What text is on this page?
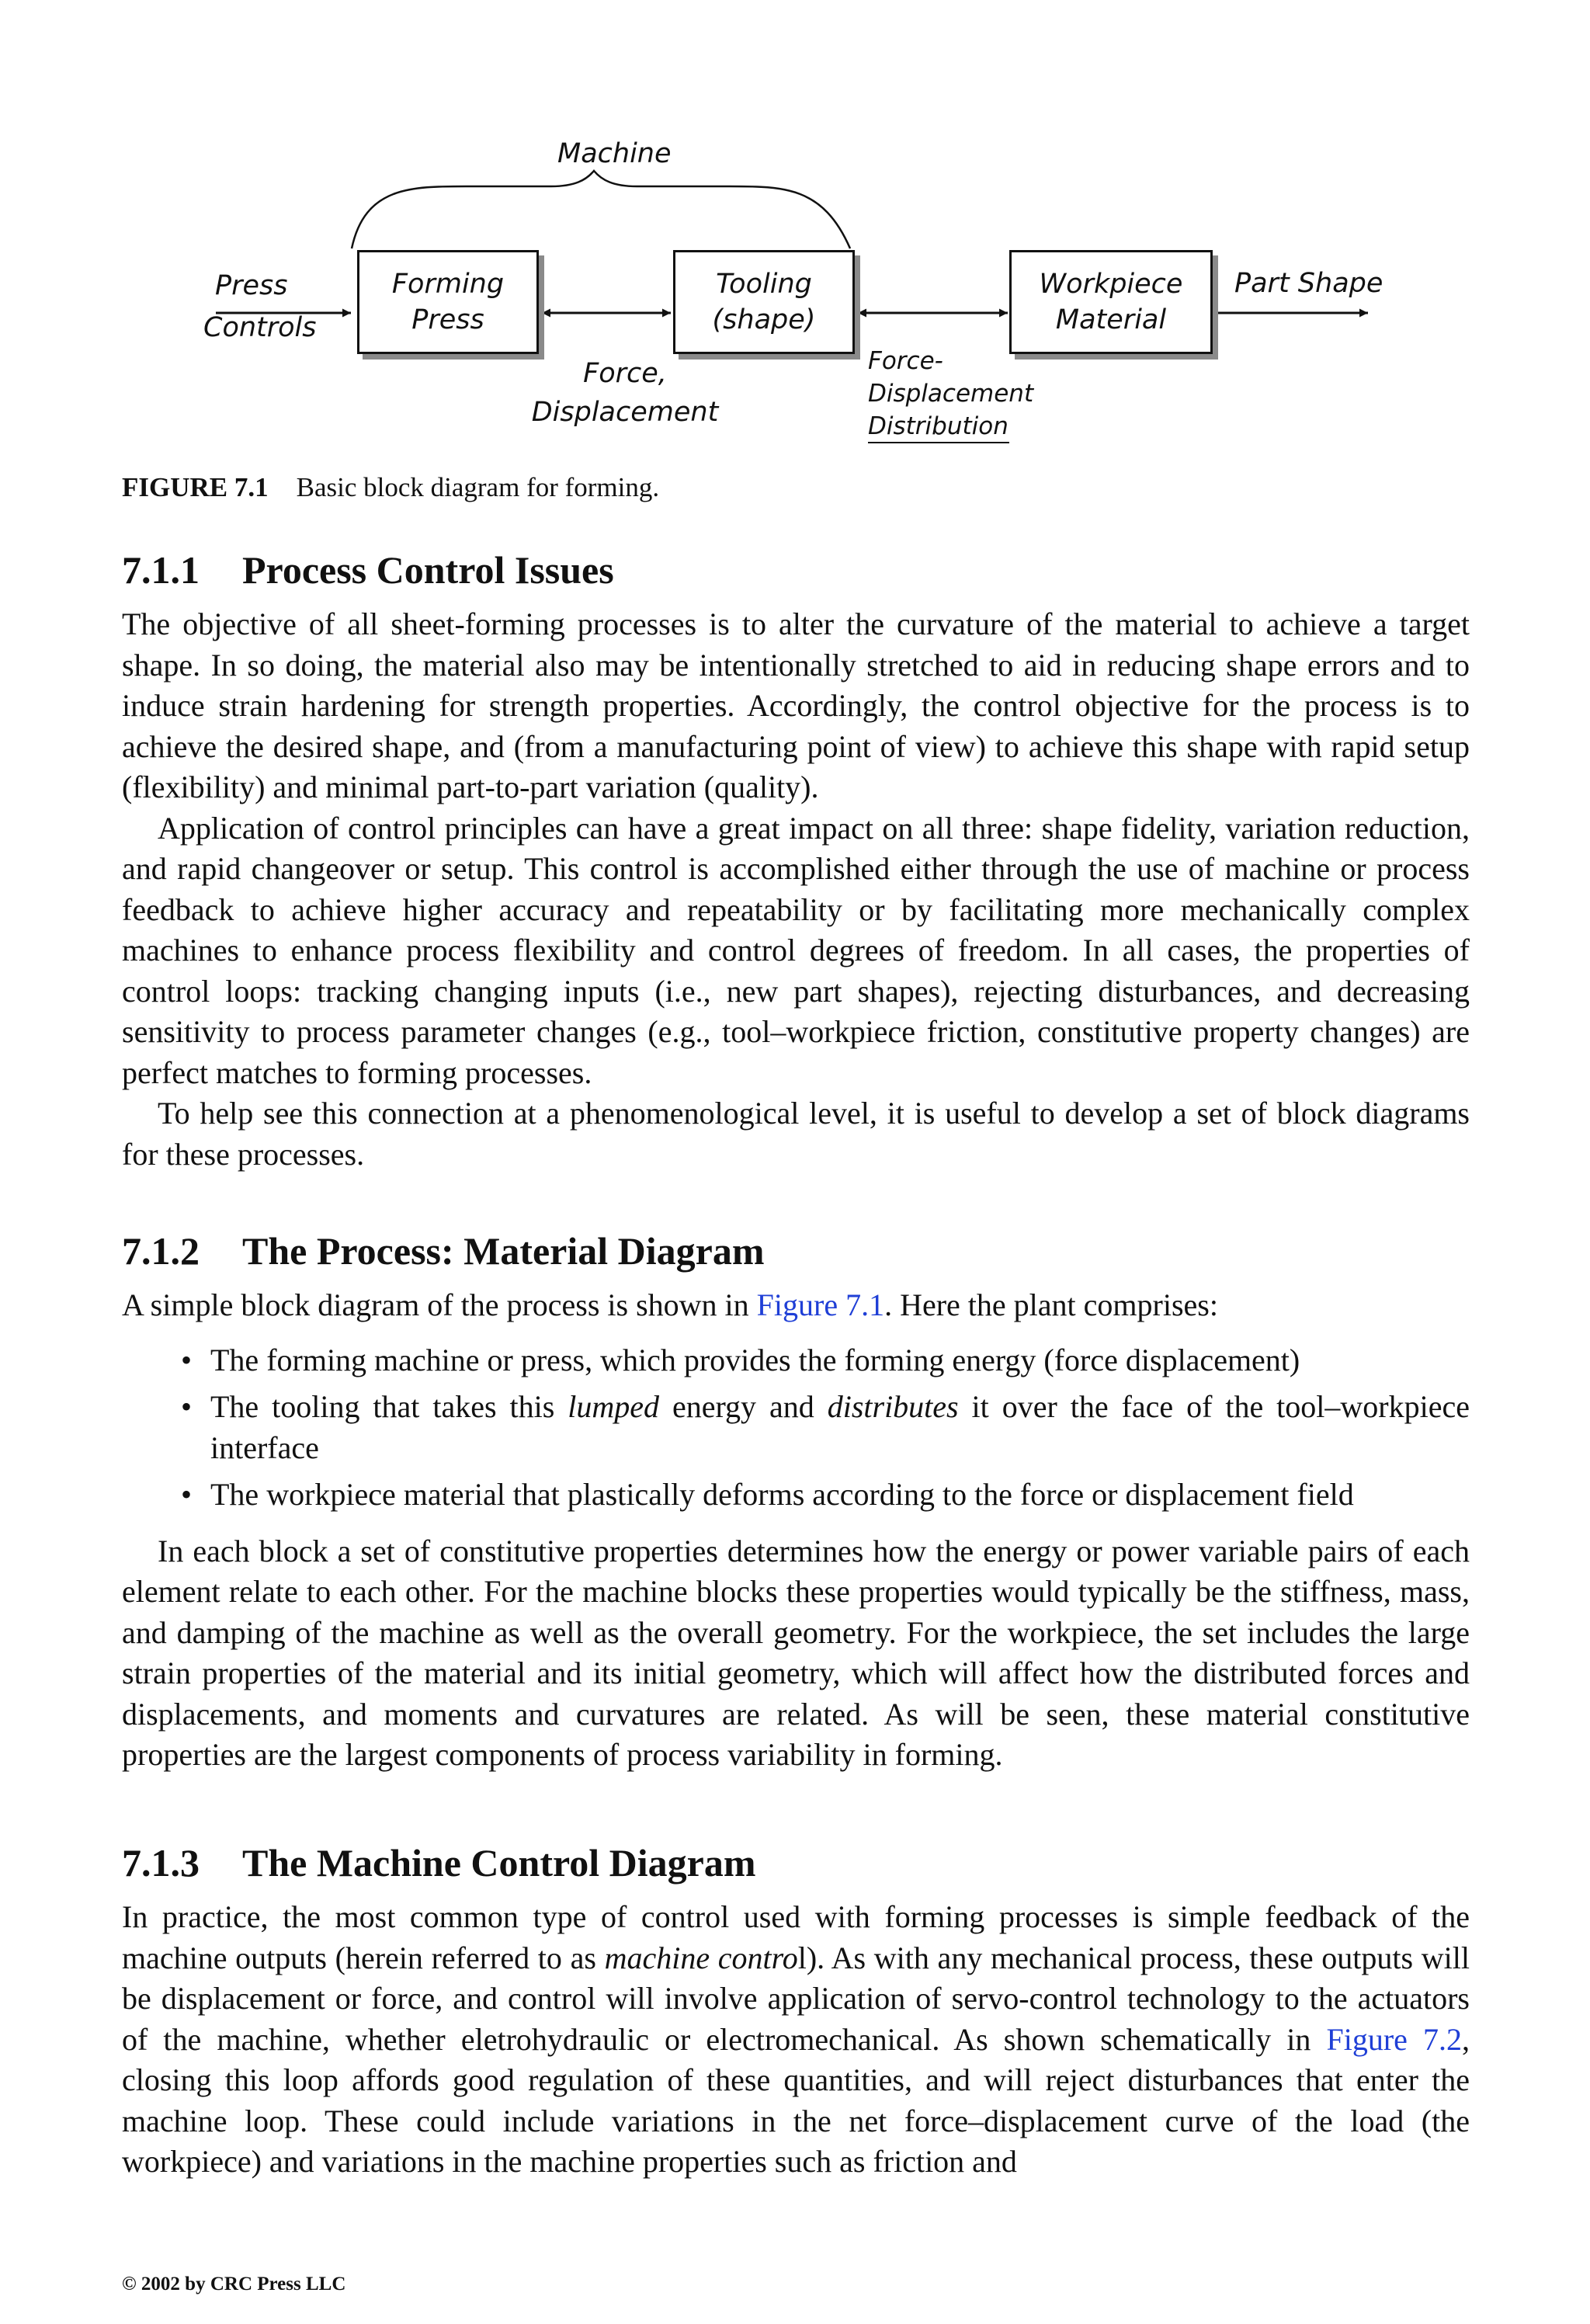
Machine
Press
Controls
Forming
Press
Tooling
(shape)
Workpiece
Material
Part Shape
Force,
Displacement
Force-
Displacement
Distribution
FIGURE 7.1 Basic block diagram for forming.
7.1.1 Process Control Issues

The objective of all sheet-forming processes is to alter the curvature of the material to achieve a target shape. In so doing, the material also may be intentionally stretched to aid in reducing shape errors and to induce strain hardening for strength properties. Accordingly, the control objective for the process is to achieve the desired shape, and (from a manufacturing point of view) to achieve this shape with rapid setup (flexibility) and minimal part-to-part variation (quality).

Application of control principles can have a great impact on all three: shape fidelity, variation reduction, and rapid changeover or setup. This control is accomplished either through the use of machine or process feedback to achieve higher accuracy and repeatability or by facilitating more mechanically complex machines to enhance process flexibility and control degrees of freedom. In all cases, the properties of control loops: tracking changing inputs (i.e., new part shapes), rejecting disturbances, and decreasing sensitivity to process parameter changes (e.g., tool–workpiece friction, constitutive property changes) are perfect matches to forming processes.

To help see this connection at a phenomenological level, it is useful to develop a set of block diagrams for these processes.

7.1.2 The Process: Material Diagram

A simple block diagram of the process is shown in Figure 7.1. Here the plant comprises:

• The forming machine or press, which provides the forming energy (force displacement)
• The tooling that takes this lumped energy and distributes it over the face of the tool–workpiece interface
• The workpiece material that plastically deforms according to the force or displacement field

In each block a set of constitutive properties determines how the energy or power variable pairs of each element relate to each other. For the machine blocks these properties would typically be the stiffness, mass, and damping of the machine as well as the overall geometry. For the workpiece, the set includes the large strain properties of the material and its initial geometry, which will affect how the distributed forces and displacements, and moments and curvatures are related. As will be seen, these material constitutive properties are the largest components of process variability in forming.

7.1.3 The Machine Control Diagram

In practice, the most common type of control used with forming processes is simple feedback of the machine outputs (herein referred to as machine control). As with any mechanical process, these outputs will be displacement or force, and control will involve application of servo-control technology to the actuators of the machine, whether eletrohydraulic or electromechanical. As shown schematically in Figure 7.2, closing this loop affords good regulation of these quantities, and will reject disturbances that enter the machine loop. These could include variations in the net force–displacement curve of the load (the workpiece) and variations in the machine properties such as friction and

© 2002 by CRC Press LLC
